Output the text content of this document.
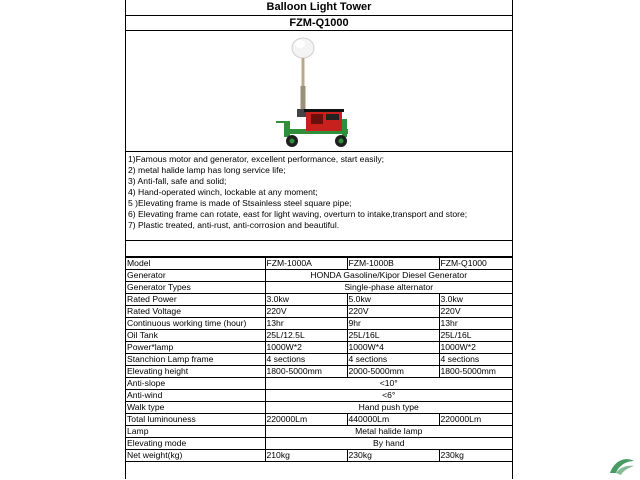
Balloon Light Tower
FZM-Q1000
1)Famous motor and generator, excellent performance, start easily;
2) metal halide lamp has long service life;
3) Anti-fall, safe and solid;
4) Hand-operated winch, lockable at any moment;
5 )Elevating frame is made of Stsainless steel square pipe;
6) Elevating frame can rotate, east for light waving, overturn to intake,transport and store;
7) Plastic treated, anti-rust, anti-corrosion and beautiful.
Model	FZM-1000A	FZM-1000B	FZM-Q1000
Generator	HONDA Gasoline/Kipor Diesel Generator		
Generator Types	Single-phase alternator		
Rated Power	3.0kw	5.0kw	3.0kw
Rated Voltage	220V	220V	220V
Continuous working time (hour)	13hr	9hr	13hr
Oil Tank	25L/12.5L	25L/16L	25L/16L
Power*lamp	1000W*2	1000W*4	1000W*2
Stanchion Lamp frame	4 sections	4 sections	4 sections
Elevating height	1800-5000mm	2000-5000mm	1800-5000mm
Anti-slope	<10°		
Anti-wind	<6°		
Walk type	Hand push type		
Total luminouness	220000Lm	440000Lm	220000Lm
Lamp	Metal halide lamp		
Elevating mode	By hand		
Net weight(kg)	210kg	230kg	230kg
